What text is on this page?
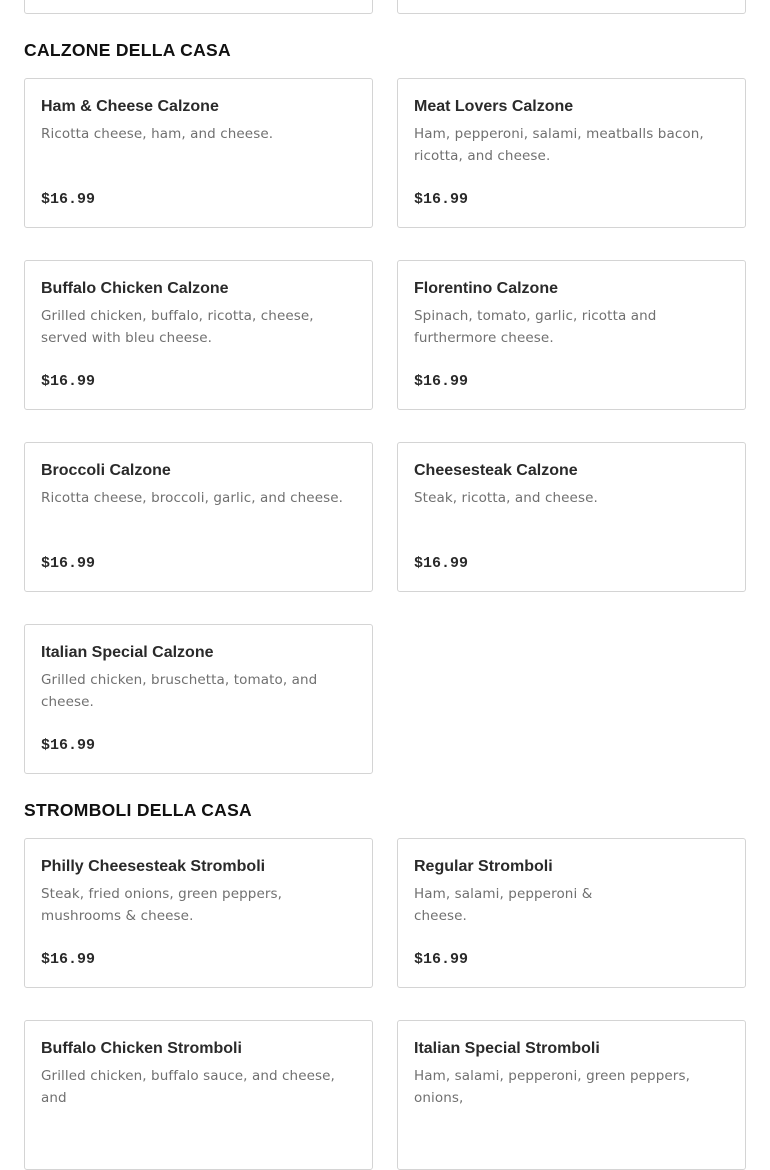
CALZONE DELLA CASA
Ham & Cheese Calzone
Ricotta cheese, ham, and cheese.
$16.99
Meat Lovers Calzone
Ham, pepperoni, salami, meatballs bacon, ricotta, and cheese.
$16.99
Buffalo Chicken Calzone
Grilled chicken, buffalo, ricotta, cheese, served with bleu cheese.
$16.99
Florentino Calzone
Spinach, tomato, garlic, ricotta and furthermore cheese.
$16.99
Broccoli Calzone
Ricotta cheese, broccoli, garlic, and cheese.
$16.99
Cheesesteak Calzone
Steak, ricotta, and cheese.
$16.99
Italian Special Calzone
Grilled chicken, bruschetta, tomato, and cheese.
$16.99
STROMBOLI DELLA CASA
Philly Cheesesteak Stromboli
Steak, fried onions, green peppers, mushrooms & cheese.
$16.99
Regular Stromboli
Ham, salami, pepperoni & cheese.
$16.99
Buffalo Chicken Stromboli
Grilled chicken, buffalo sauce, and cheese, and
Italian Special Stromboli
Ham, salami, pepperoni, green peppers, onions,
